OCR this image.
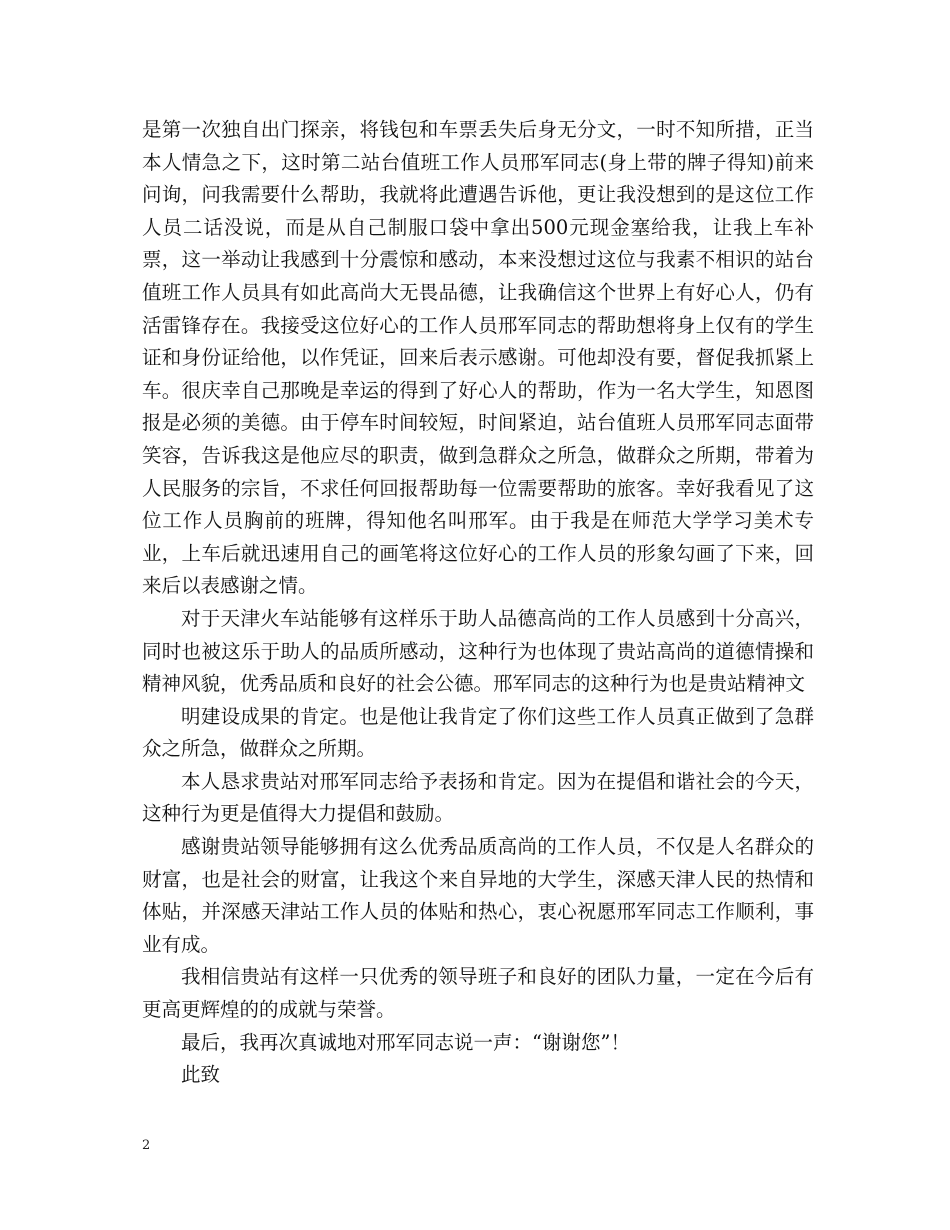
是第一次独自出门探亲，将钱包和车票丢失后身无分文，一时不知所措，正当本人情急之下，这时第二站台值班工作人员邢军同志(身上带的牌子得知)前来问询，问我需要什么帮助，我就将此遭遇告诉他，更让我没想到的是这位工作人员二话没说，而是从自己制服口袋中拿出500元现金塞给我，让我上车补票，这一举动让我感到十分震惊和感动，本来没想过这位与我素不相识的站台值班工作人员具有如此高尚大无畏品德，让我确信这个世界上有好心人，仍有活雷锋存在。我接受这位好心的工作人员邢军同志的帮助想将身上仅有的学生证和身份证给他，以作凭证，回来后表示感谢。可他却没有要，督促我抓紧上车。很庆幸自己那晚是幸运的得到了好心人的帮助，作为一名大学生，知恩图报是必须的美德。由于停车时间较短，时间紧迫，站台值班人员邢军同志面带笑容，告诉我这是他应尽的职责，做到急群众之所急，做群众之所期，带着为人民服务的宗旨，不求任何回报帮助每一位需要帮助的旅客。幸好我看见了这位工作人员胸前的班牌，得知他名叫邢军。由于我是在师范大学学习美术专业，上车后就迅速用自己的画笔将这位好心的工作人员的形象勾画了下来，回来后以表感谢之情。

对于天津火车站能够有这样乐于助人品德高尚的工作人员感到十分高兴，同时也被这乐于助人的品质所感动，这种行为也体现了贵站高尚的道德情操和精神风貌，优秀品质和良好的社会公德。邢军同志的这种行为也是贵站精神文

明建设成果的肯定。也是他让我肯定了你们这些工作人员真正做到了急群众之所急，做群众之所期。

本人恳求贵站对邢军同志给予表扬和肯定。因为在提倡和谐社会的今天，这种行为更是值得大力提倡和鼓励。

感谢贵站领导能够拥有这么优秀品质高尚的工作人员，不仅是人名群众的财富，也是社会的财富，让我这个来自异地的大学生，深感天津人民的热情和体贴，并深感天津站工作人员的体贴和热心，衷心祝愿邢军同志工作顺利，事业有成。

我相信贵站有这样一只优秀的领导班子和良好的团队力量，一定在今后有更高更辉煌的的成就与荣誉。

最后，我再次真诚地对邢军同志说一声：“谢谢您”！

此致

2
